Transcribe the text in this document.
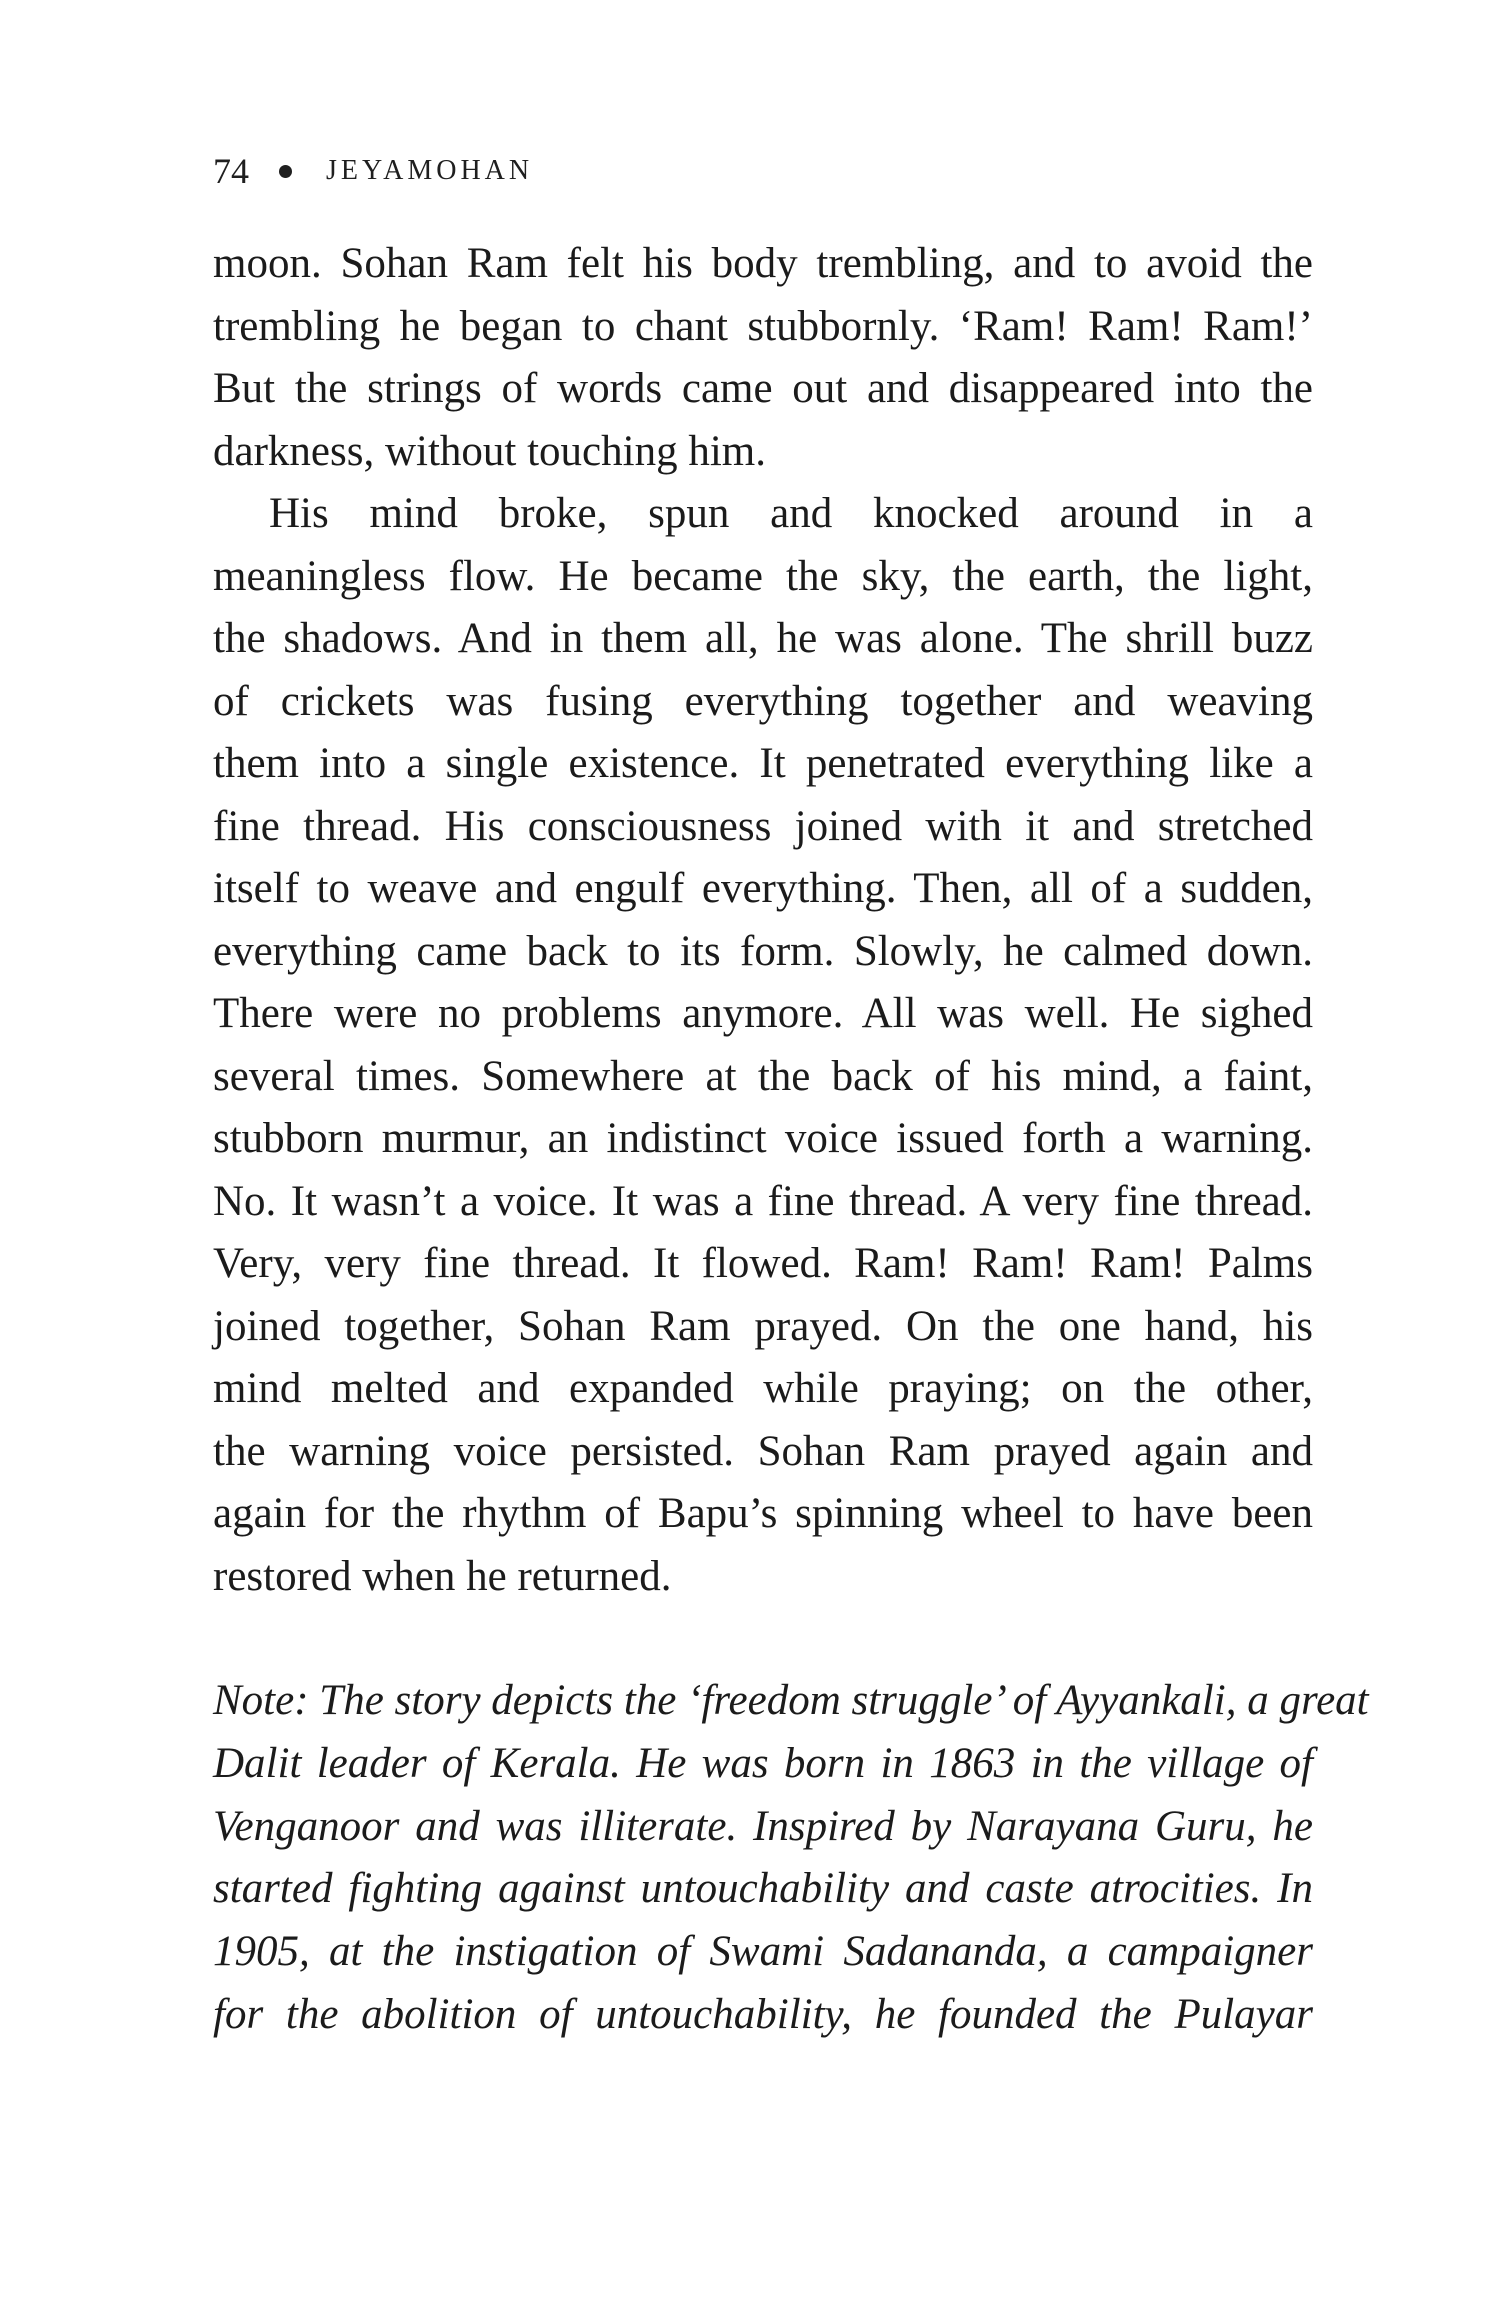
74	JEYAMOHAN

moon. Sohan Ram felt his body trembling, and to avoid the
trembling he began to chant stubbornly. ‘Ram! Ram! Ram!’
But the strings of words came out and disappeared into the
darkness, without touching him.

His mind broke, spun and knocked around in a
meaningless flow. He became the sky, the earth, the light,
the shadows. And in them all, he was alone. The shrill buzz
of crickets was fusing everything together and weaving
them into a single existence. It penetrated everything like a
fine thread. His consciousness joined with it and stretched
itself to weave and engulf everything. Then, all of a sudden,
everything came back to its form. Slowly, he calmed down.
There were no problems anymore. All was well. He sighed
several times. Somewhere at the back of his mind, a faint,
stubborn murmur, an indistinct voice issued forth a warning.
No. It wasn’t a voice. It was a fine thread. A very fine thread.
Very, very fine thread. It flowed. Ram! Ram! Ram! Palms
joined together, Sohan Ram prayed. On the one hand, his
mind melted and expanded while praying; on the other,
the warning voice persisted. Sohan Ram prayed again and
again for the rhythm of Bapu’s spinning wheel to have been
restored when he returned.

Note: The story depicts the ‘freedom struggle’ of Ayyankali, a great
Dalit leader of Kerala. He was born in 1863 in the village of
Venganoor and was illiterate. Inspired by Narayana Guru, he
started fighting against untouchability and caste atrocities. In
1905, at the instigation of Swami Sadananda, a campaigner
for the abolition of untouchability, he founded the Pulayar
